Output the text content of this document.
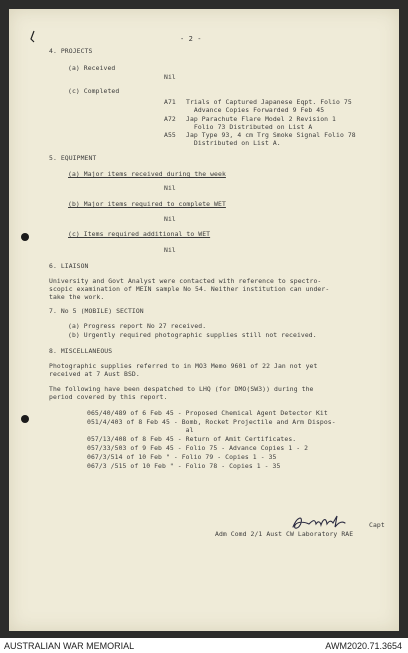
- 2 -
4. PROJECTS
(a) Received
Nil
(c) Completed
A71 Trials of Captured Japanese Eqpt. Folio 75
Advance Copies Forwarded 9 Feb 45
A72 Jap Parachute Flare Model 2 Revision 1
Folio 73 Distributed on List A
A55 Jap Type 93, 4 cm Trg Smoke Signal Folio 78
Distributed on List A.
5. EQUIPMENT
(a) Major items received during the week
Nil
(b) Major items required to complete WET
Nil
(c) Items required additional to WET
Nil
6. LIAISON
University and Govt Analyst were contacted with reference to spectro-
scopic examination of MEIN sample No 54. Neither institution can under-
take the work.
7. No 5 (MOBILE) SECTION
(a) Progress report No 27 received.
(b) Urgently required photographic supplies still not received.
8. MISCELLANEOUS
Photographic supplies referred to in MO3 Memo 9601 of 22 Jan not yet
received at 7 Aust BSD.
The following have been despatched to LHQ (for DMO(SW3)) during the
period covered by this report.
065/40/489 of 6 Feb 45 - Proposed Chemical Agent Detector Kit
051/4/403 of 8 Feb 45 - Bomb, Rocket Projectile and Arm Dispos-
al
057/13/408 of 8 Feb 45 - Return of Amit Certificates.
057/33/503 of 9 Feb 45 - Folio 75 - Advance Copies 1 - 2
067/3/514 of 10 Feb " - Folio 79 - Copies 1 - 35
067/3 /515 of 10 Feb " - Folio 78 - Copies 1 - 35
Capt
Adm Comd 2/1 Aust CW Laboratory RAE
AUSTRALIAN WAR MEMORIAL	AWM2020.71.3654
